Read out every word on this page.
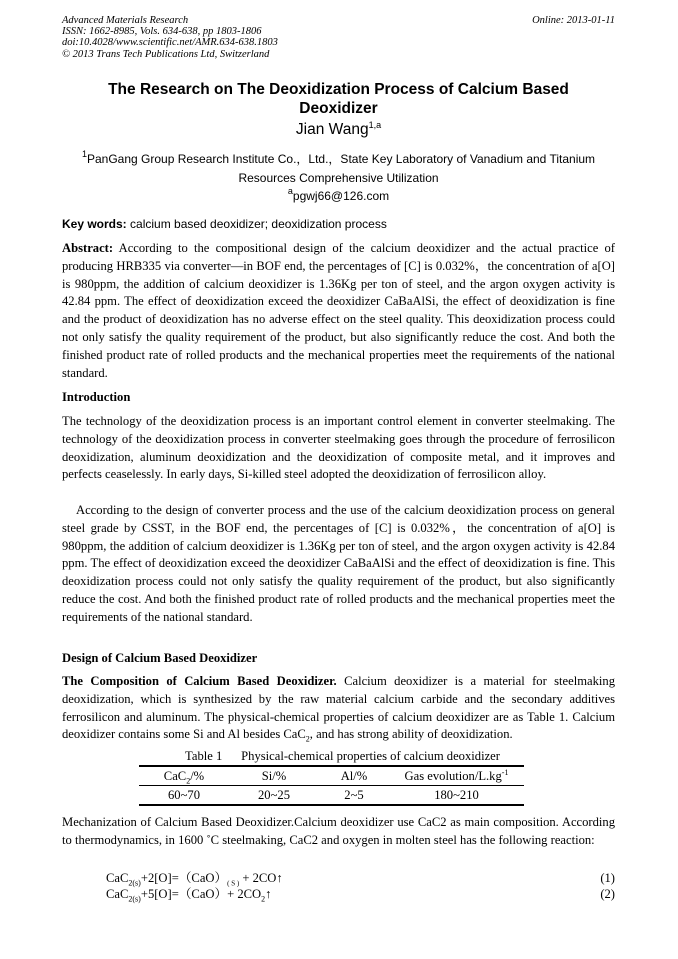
Advanced Materials Research
ISSN: 1662-8985, Vols. 634-638, pp 1803-1806
doi:10.4028/www.scientific.net/AMR.634-638.1803
© 2013 Trans Tech Publications Ltd, Switzerland
Online: 2013-01-11
The Research on The Deoxidization Process of Calcium Based
Deoxidizer
Jian Wang$^{1,a}$
$^1$PanGang Group Research Institute Co.，Ltd.，State Key Laboratory of Vanadium and Titanium
Resources Comprehensive Utilization
$^a$pgwj66@126.com
Key words: calcium based deoxidizer; deoxidization process
Abstract: According to the compositional design of the calcium deoxidizer and the actual practice of producing HRB335 via converter—in BOF end, the percentages of [C] is 0.032%，the concentration of a[O] is 980ppm, the addition of calcium deoxidizer is 1.36Kg per ton of steel, and the argon oxygen activity is 42.84 ppm. The effect of deoxidization exceed the deoxidizer CaBaAlSi, the effect of deoxidization is fine and the product of deoxidization has no adverse effect on the steel quality. This deoxidization process could not only satisfy the quality requirement of the product, but also significantly reduce the cost. And both the finished product rate of rolled products and the mechanical properties meet the requirements of the national standard.
Introduction
The technology of the deoxidization process is an important control element in converter steelmaking. The technology of the deoxidization process in converter steelmaking goes through the procedure of ferrosilicon deoxidization, aluminum deoxidization and the deoxidization of composite metal, and it improves and perfects ceaselessly. In early days, Si-killed steel adopted the deoxidization of ferrosilicon alloy.
According to the design of converter process and the use of the calcium deoxidization process on general steel grade by CSST, in the BOF end, the percentages of [C] is 0.032%，the concentration of a[O] is 980ppm, the addition of calcium deoxidizer is 1.36Kg per ton of steel, and the argon oxygen activity is 42.84 ppm. The effect of deoxidization exceed the deoxidizer CaBaAlSi and the effect of deoxidization is fine. This deoxidization process could not only satisfy the quality requirement of the product, but also significantly reduce the cost. And both the finished product rate of rolled products and the mechanical properties meet the requirements of the national standard.
Design of Calcium Based Deoxidizer
The Composition of Calcium Based Deoxidizer. Calcium deoxidizer is a material for steelmaking deoxidization, which is synthesized by the raw material calcium carbide and the secondary additives ferrosilicon and aluminum. The physical-chemical properties of calcium deoxidizer are as Table 1. Calcium deoxidizer contains some Si and Al besides CaC$_2$, and has strong ability of deoxidization.
Table 1 Physical-chemical properties of calcium deoxidizer
CaC$_2$/%	Si/%	Al/%	Gas evolution/$L.kg^{-1}$
60~70	20~25	2~5	180~210
Mechanization of Calcium Based Deoxidizer.Calcium deoxidizer use CaC2 as main composition. According to thermodynamics, in 1600 ˚C steelmaking, CaC2 and oxygen in molten steel has the following reaction:
$CaC_{2(s)}+2[O]=(CaO)_{( S )}$ + 2CO↑	(1)
$CaC_{2(s)}+5[O]=(CaO)+ 2CO_2↑$	(2)
